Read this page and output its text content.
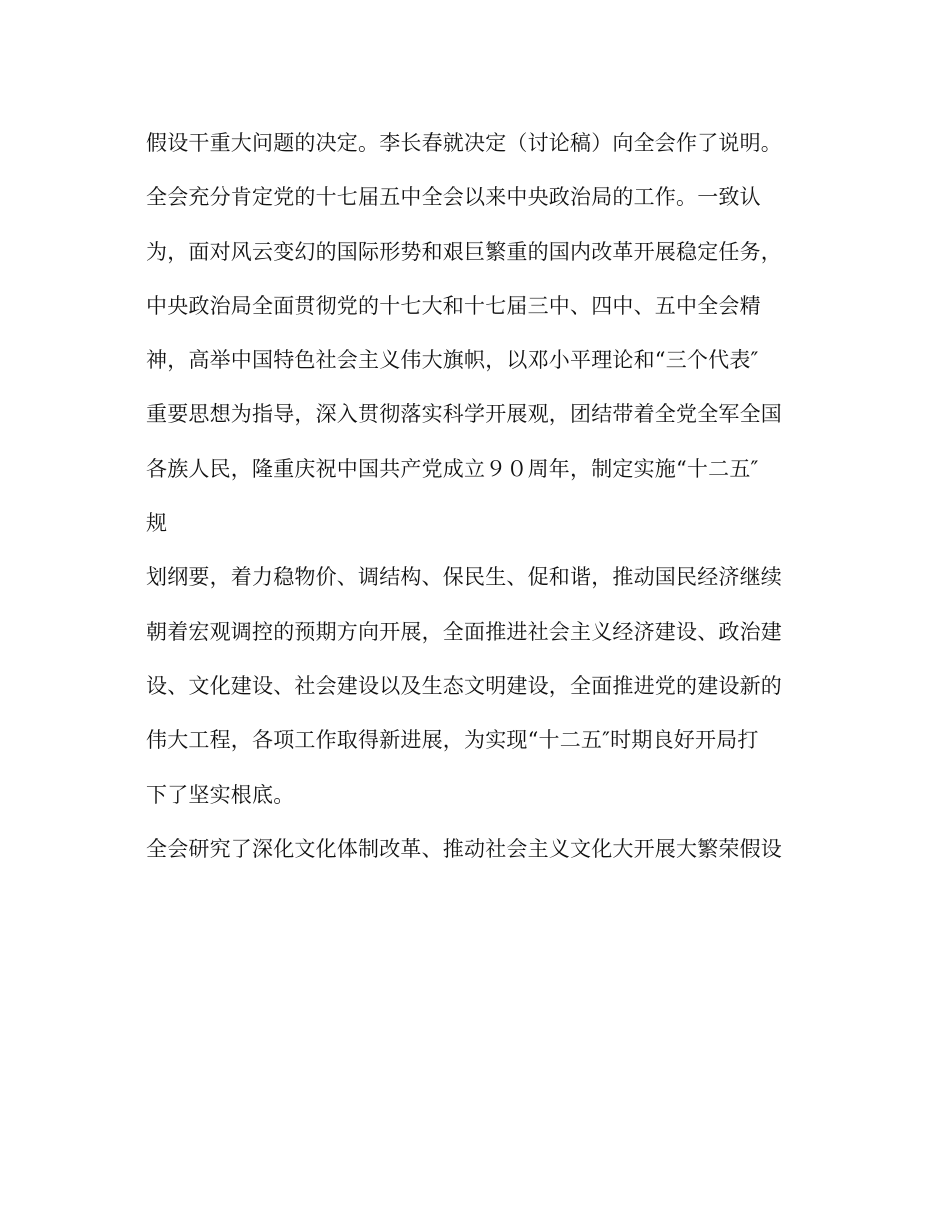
假设干重大问题的决定。李长春就决定（讨论稿）向全会作了说明。
全会充分肯定党的十七届五中全会以来中央政治局的工作。一致认
为，面对风云变幻的国际形势和艰巨繁重的国内改革开展稳定任务，
中央政治局全面贯彻党的十七大和十七届三中、四中、五中全会精
神，高举中国特色社会主义伟大旗帜，以邓小平理论和“三个代表″
重要思想为指导，深入贯彻落实科学开展观，团结带着全党全军全国
各族人民，隆重庆祝中国共产党成立９０周年，制定实施“十二五″
规
划纲要，着力稳物价、调结构、保民生、促和谐，推动国民经济继续
朝着宏观调控的预期方向开展，全面推进社会主义经济建设、政治建
设、文化建设、社会建设以及生态文明建设，全面推进党的建设新的
伟大工程，各项工作取得新进展，为实现“十二五″时期良好开局打
下了坚实根底。
全会研究了深化文化体制改革、推动社会主义文化大开展大繁荣假设
